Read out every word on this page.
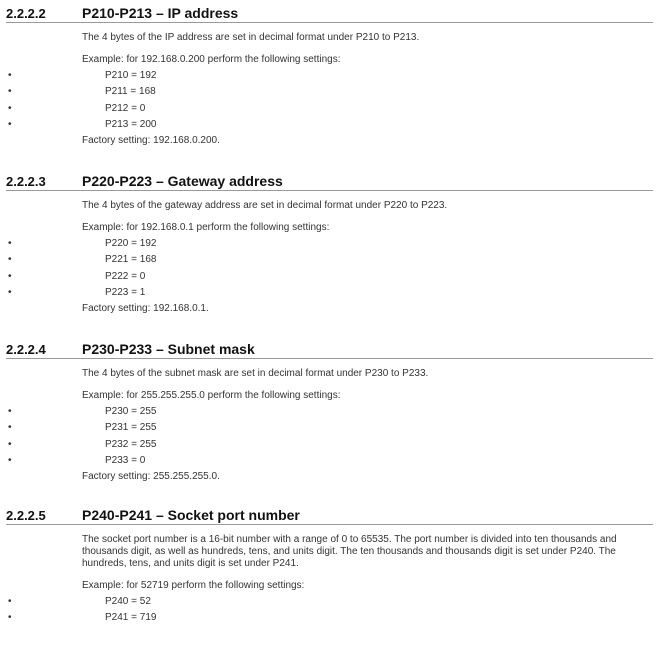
2.2.2.2	P210-P213 – IP address

The 4 bytes of the IP address are set in decimal format under P210 to P213.

Example: for 192.168.0.200 perform the following settings:

•	P210 = 192
•	P211 = 168
•	P212 = 0
•	P213 = 200

Factory setting: 192.168.0.200.

2.2.2.3	P220-P223 – Gateway address

The 4 bytes of the gateway address are set in decimal format under P220 to P223.

Example: for 192.168.0.1 perform the following settings:

•	P220 = 192
•	P221 = 168
•	P222 = 0
•	P223 = 1

Factory setting: 192.168.0.1.

2.2.2.4	P230-P233 – Subnet mask

The 4 bytes of the subnet mask are set in decimal format under P230 to P233.

Example: for 255.255.255.0 perform the following settings:

•	P230 = 255
•	P231 = 255
•	P232 = 255
•	P233 = 0

Factory setting: 255.255.255.0.

2.2.2.5	P240-P241 – Socket port number

The socket port number is a 16-bit number with a range of 0 to 65535. The port number is divided into ten thousands and thousands digit, as well as hundreds, tens, and units digit. The ten thousands and thousands digit is set under P240. The hundreds, tens, and units digit is set under P241.

Example: for 52719 perform the following settings:

•	P240 = 52
•	P241 = 719
